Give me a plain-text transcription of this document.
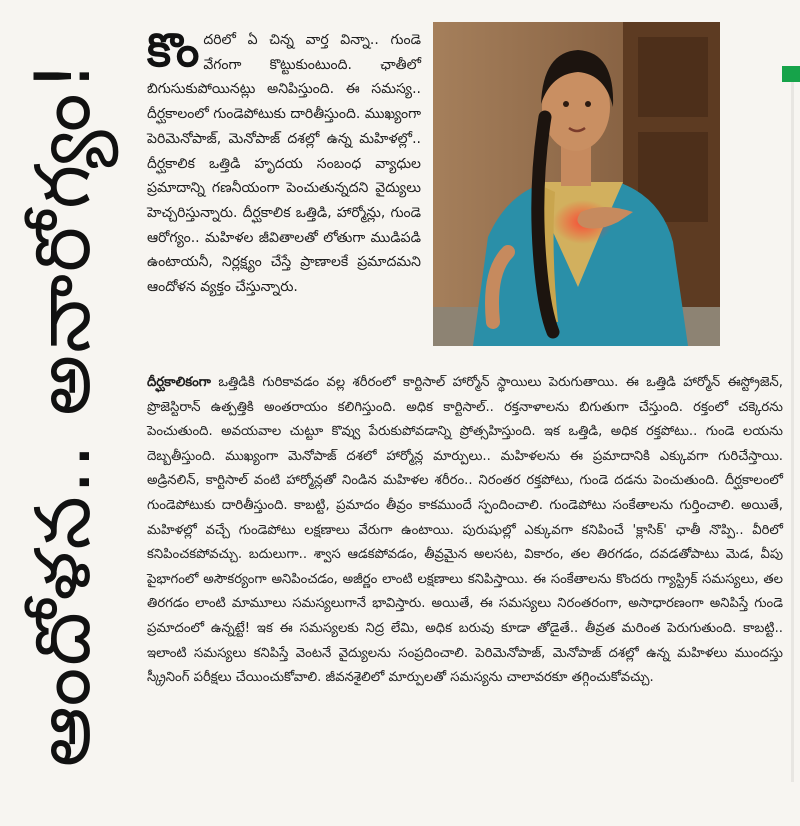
ఆందోళన.. అనారోగ్యం!
కొందరిలో ఏ చిన్న వార్త విన్నా.. గుండె వేగంగా కొట్టుకుంటుంది. ఛాతీలో బిగుసుకుపోయినట్లు అనిపిస్తుంది. ఈ సమస్య.. దీర్ఘకాలంలో గుండెపోటుకు దారితీస్తుంది. ముఖ్యంగా పెరిమెనోపాజ్, మెనోపాజ్ దశల్లో ఉన్న మహిళల్లో.. దీర్ఘకాలిక ఒత్తిడి హృదయ సంబంధ వ్యాధుల ప్రమాదాన్ని గణనీయంగా పెంచుతున్నదని వైద్యులు హెచ్చరిస్తున్నారు. దీర్ఘకాలిక ఒత్తిడి, హార్మోన్లు, గుండె ఆరోగ్యం.. మహిళల జీవితాలతో లోతుగా ముడిపడి ఉంటాయనీ, నిర్లక్ష్యం చేస్తే ప్రాణాలకే ప్రమాదమని ఆందోళన వ్యక్తం చేస్తున్నారు.
దీర్ఘకాలికంగా ఒత్తిడికి గురికావడం వల్ల శరీరంలో కార్టిసాల్ హార్మోన్ స్థాయిలు పెరుగుతాయి. ఈ ఒత్తిడి హార్మోన్ ఈస్ట్రోజెన్, ప్రొజెస్టిరాన్ ఉత్పత్తికి అంతరాయం కలిగిస్తుంది. అధిక కార్టిసాల్.. రక్తనాళాలను బిగుతుగా చేస్తుంది. రక్తంలో చక్కెరను పెంచుతుంది. అవయవాల చుట్టూ కొవ్వు పేరుకుపోవడాన్ని ప్రోత్సహిస్తుంది. ఇక ఒత్తిడి, అధిక రక్తపోటు.. గుండె లయను దెబ్బతీస్తుంది. ముఖ్యంగా మెనోపాజ్ దశలో హార్మోన్ల మార్పులు.. మహిళలను ఈ ప్రమాదానికి ఎక్కువగా గురిచేస్తాయి. అడ్రినలిన్, కార్టిసాల్ వంటి హార్మోన్లతో నిండిన మహిళల శరీరం.. నిరంతర రక్తపోటు, గుండె దడను పెంచుతుంది. దీర్ఘకాలంలో గుండెపోటుకు దారితీస్తుంది. కాబట్టి, ప్రమాదం తీవ్రం కాకముందే స్పందించాలి. గుండెపోటు సంకేతాలను గుర్తించాలి. అయితే, మహిళల్లో వచ్చే గుండెపోటు లక్షణాలు వేరుగా ఉంటాయి. పురుషుల్లో ఎక్కువగా కనిపించే 'క్లాసిక్' ఛాతీ నొప్పి.. వీరిలో కనిపించకపోవచ్చు. బదులుగా.. శ్వాస ఆడకపోవడం, తీవ్రమైన అలసట, వికారం, తల తిరగడం, దవడతోపాటు మెడ, వీపు పైభాగంలో అసౌకర్యంగా అనిపించడం, అజీర్ణం లాంటి లక్షణాలు కనిపిస్తాయి. ఈ సంకేతాలను కొందరు గ్యాస్ట్రిక్ సమస్యలు, తల తిరగడం లాంటి మామూలు సమస్యలుగానే భావిస్తారు. అయితే, ఈ సమస్యలు నిరంతరంగా, అసాధారణంగా అనిపిస్తే గుండె ప్రమాదంలో ఉన్నట్టే! ఇక ఈ సమస్యలకు నిద్ర లేమి, అధిక బరువు కూడా తోడైతే.. తీవ్రత మరింత పెరుగుతుంది. కాబట్టి.. ఇలాంటి సమస్యలు కనిపిస్తే వెంటనే వైద్యులను సంప్రదించాలి. పెరిమెనోపాజ్, మెనోపాజ్ దశల్లో ఉన్న మహిళలు ముందస్తు స్క్రీనింగ్ పరీక్షలు చేయించుకోవాలి. జీవనశైలిలో మార్పులతో సమస్యను చాలావరకూ తగ్గించుకోవచ్చు.
